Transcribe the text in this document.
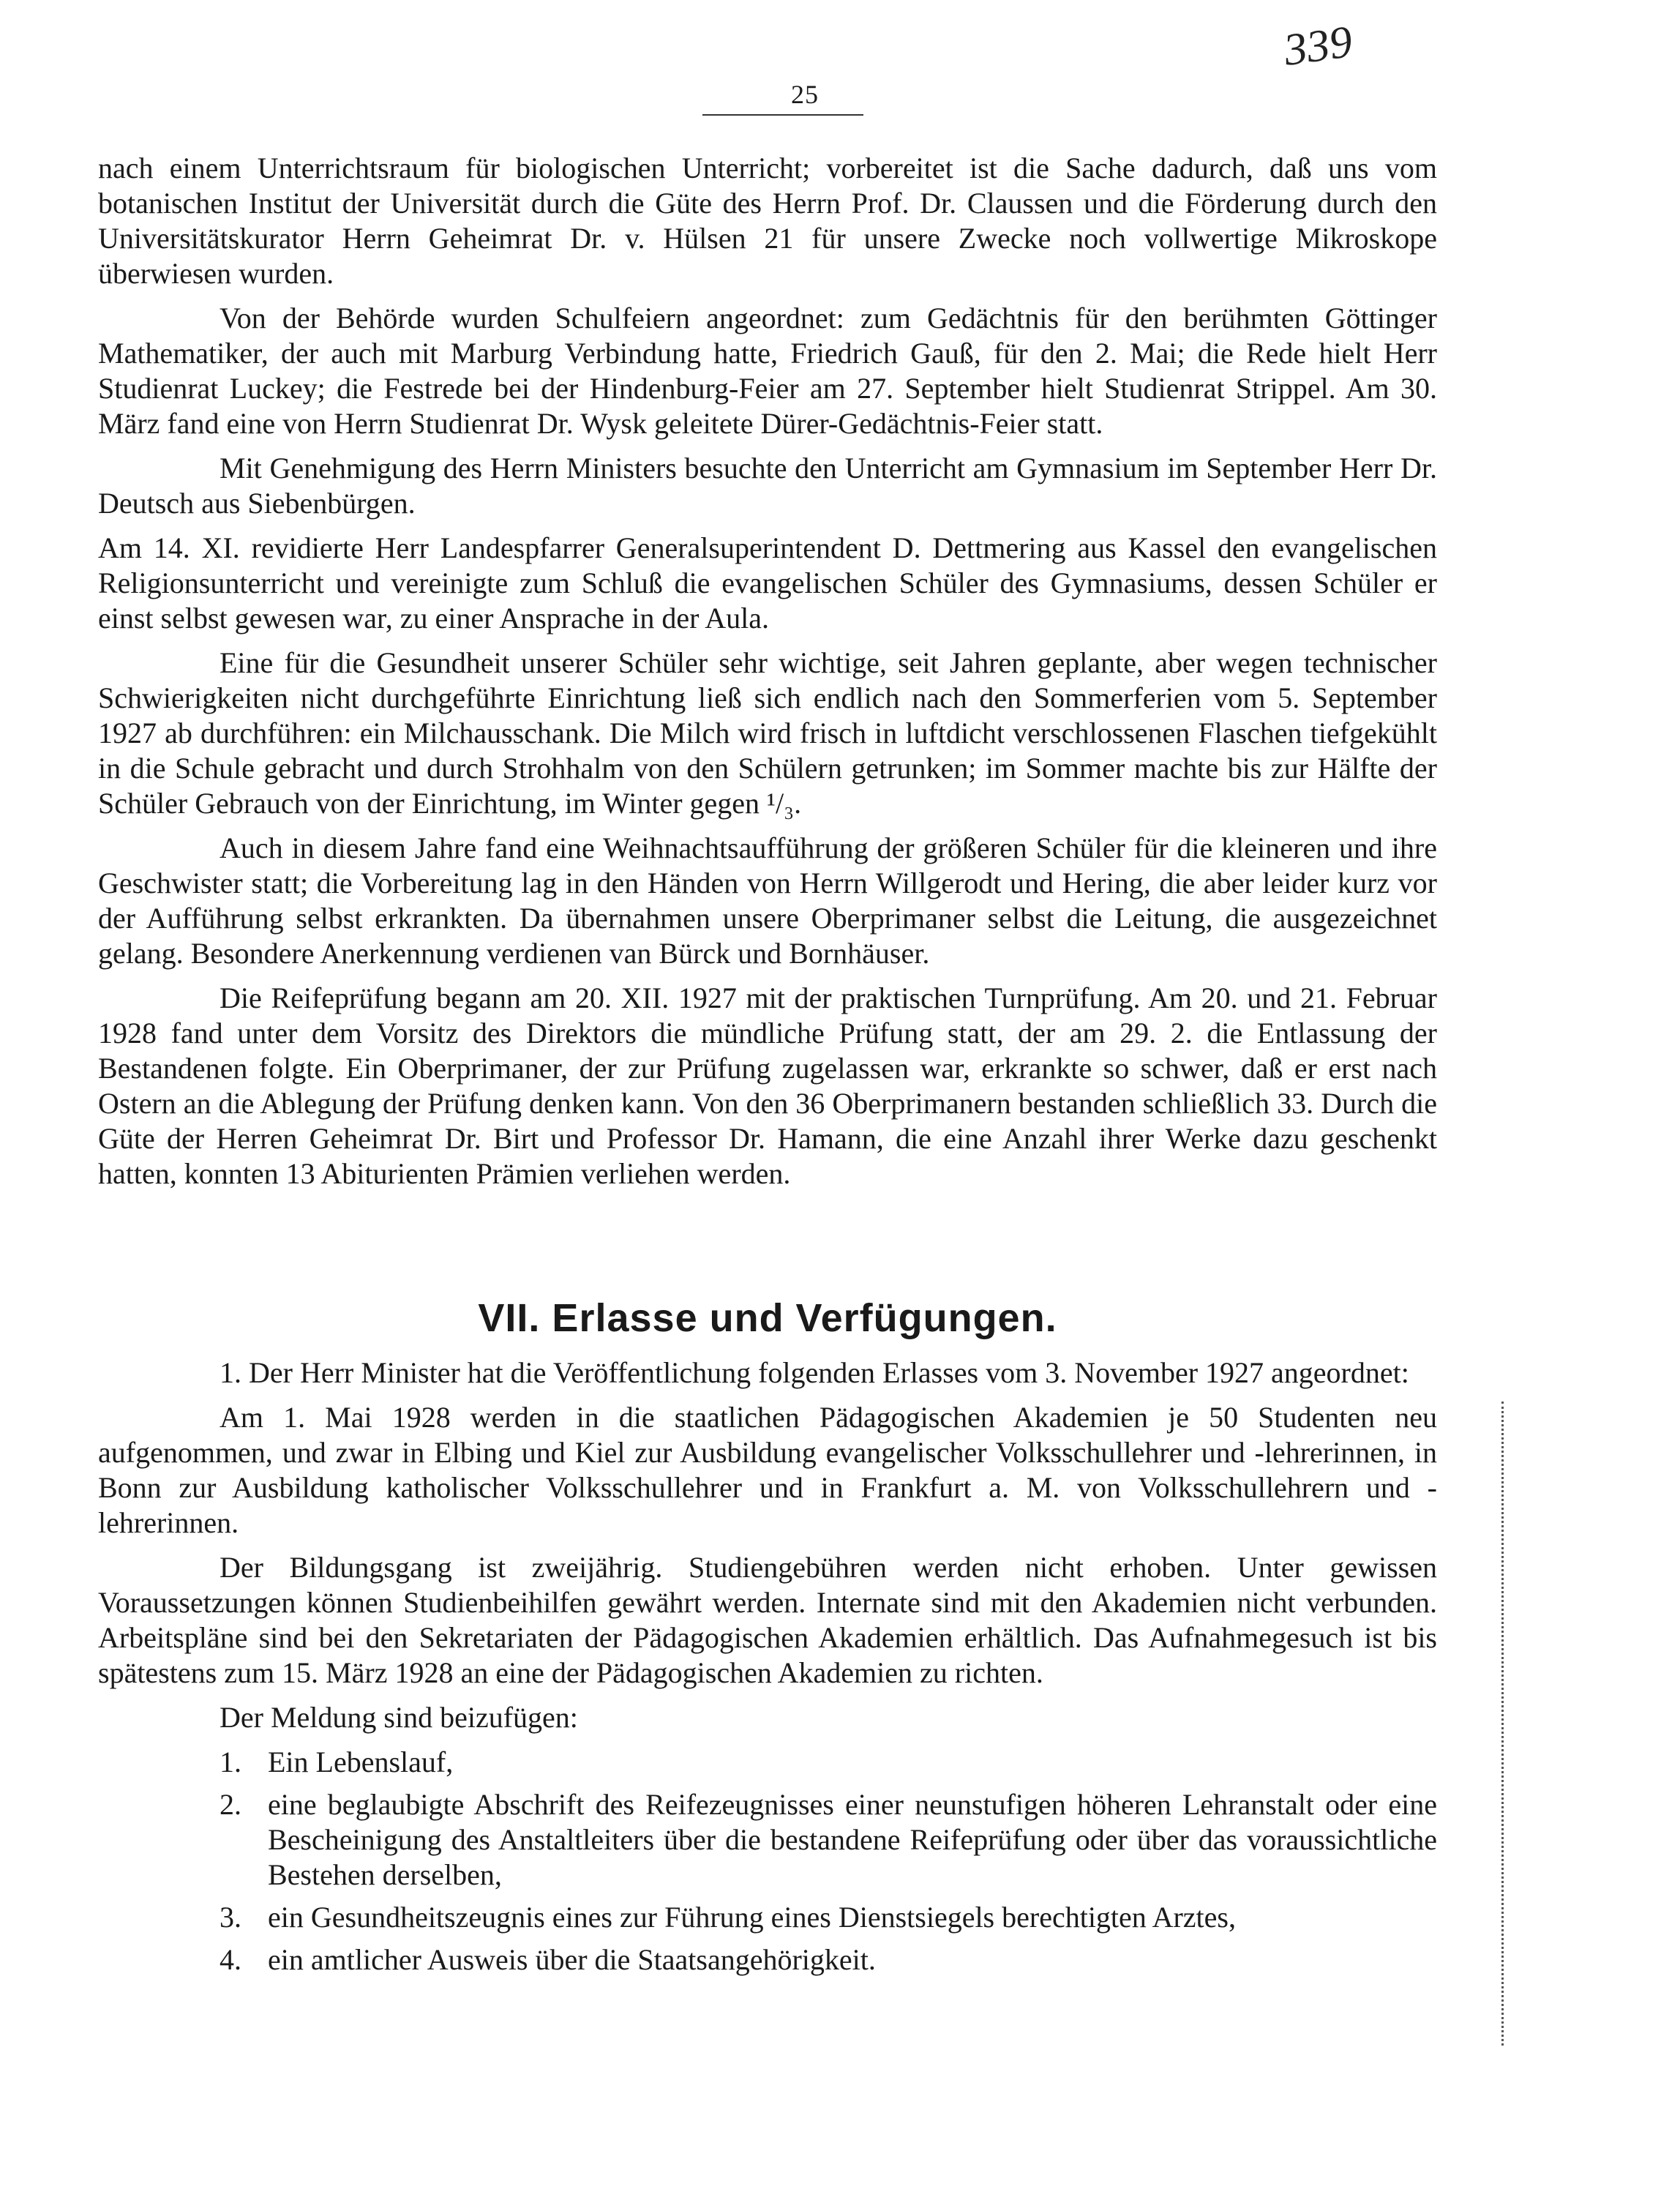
25
339

nach einem Unterrichtsraum für biologischen Unterricht; vorbereitet ist die Sache dadurch, daß uns vom botanischen Institut der Universität durch die Güte des Herrn Prof. Dr. Claussen und die Förderung durch den Universitätskurator Herrn Geheimrat Dr. v. Hülsen 21 für unsere Zwecke noch vollwertige Mikroskope überwiesen wurden.

Von der Behörde wurden Schulfeiern angeordnet: zum Gedächtnis für den berühmten Göttinger Mathematiker, der auch mit Marburg Verbindung hatte, Friedrich Gauß, für den 2. Mai; die Rede hielt Herr Studienrat Luckey; die Festrede bei der Hindenburg-Feier am 27. September hielt Studienrat Strippel. Am 30. März fand eine von Herrn Studienrat Dr. Wysk geleitete Dürer-Gedächtnis-Feier statt.

Mit Genehmigung des Herrn Ministers besuchte den Unterricht am Gymnasium im September Herr Dr. Deutsch aus Siebenbürgen.

Am 14. XI. revidierte Herr Landespfarrer Generalsuperintendent D. Dettmering aus Kassel den evangelischen Religionsunterricht und vereinigte zum Schluß die evangelischen Schüler des Gymnasiums, dessen Schüler er einst selbst gewesen war, zu einer Ansprache in der Aula.

Eine für die Gesundheit unserer Schüler sehr wichtige, seit Jahren geplante, aber wegen technischer Schwierigkeiten nicht durchgeführte Einrichtung ließ sich endlich nach den Sommerferien vom 5. September 1927 ab durchführen: ein Milchausschank. Die Milch wird frisch in luftdicht verschlossenen Flaschen tiefgekühlt in die Schule gebracht und durch Strohhalm von den Schülern getrunken; im Sommer machte bis zur Hälfte der Schüler Gebrauch von der Einrichtung, im Winter gegen ¹/₃.

Auch in diesem Jahre fand eine Weihnachtsaufführung der größeren Schüler für die kleineren und ihre Geschwister statt; die Vorbereitung lag in den Händen von Herrn Willgerodt und Hering, die aber leider kurz vor der Aufführung selbst erkrankten. Da übernahmen unsere Oberprimaner selbst die Leitung, die ausgezeichnet gelang. Besondere Anerkennung verdienen van Bürck und Bornhäuser.

Die Reifeprüfung begann am 20. XII. 1927 mit der praktischen Turnprüfung. Am 20. und 21. Februar 1928 fand unter dem Vorsitz des Direktors die mündliche Prüfung statt, der am 29. 2. die Entlassung der Bestandenen folgte. Ein Oberprimaner, der zur Prüfung zugelassen war, erkrankte so schwer, daß er erst nach Ostern an die Ablegung der Prüfung denken kann. Von den 36 Oberprimanern bestanden schließlich 33. Durch die Güte der Herren Geheimrat Dr. Birt und Professor Dr. Hamann, die eine Anzahl ihrer Werke dazu geschenkt hatten, konnten 13 Abiturienten Prämien verliehen werden.

VII. Erlasse und Verfügungen.

1. Der Herr Minister hat die Veröffentlichung folgenden Erlasses vom 3. November 1927 angeordnet:

Am 1. Mai 1928 werden in die staatlichen Pädagogischen Akademien je 50 Studenten neu aufgenommen, und zwar in Elbing und Kiel zur Ausbildung evangelischer Volksschullehrer und -lehrerinnen, in Bonn zur Ausbildung katholischer Volksschullehrer und in Frankfurt a. M. von Volksschullehrern und -lehrerinnen.

Der Bildungsgang ist zweijährig. Studiengebühren werden nicht erhoben. Unter gewissen Voraussetzungen können Studienbeihilfen gewährt werden. Internate sind mit den Akademien nicht verbunden. Arbeitspläne sind bei den Sekretariaten der Pädagogischen Akademien erhältlich. Das Aufnahmegesuch ist bis spätestens zum 15. März 1928 an eine der Pädagogischen Akademien zu richten.

Der Meldung sind beizufügen:

1. Ein Lebenslauf,
2. eine beglaubigte Abschrift des Reifezeugnisses einer neunstufigen höheren Lehranstalt oder eine Bescheinigung des Anstaltleiters über die bestandene Reifeprüfung oder über das voraussichtliche Bestehen derselben,
3. ein Gesundheitszeugnis eines zur Führung eines Dienstsiegels berechtigten Arztes,
4. ein amtlicher Ausweis über die Staatsangehörigkeit.
